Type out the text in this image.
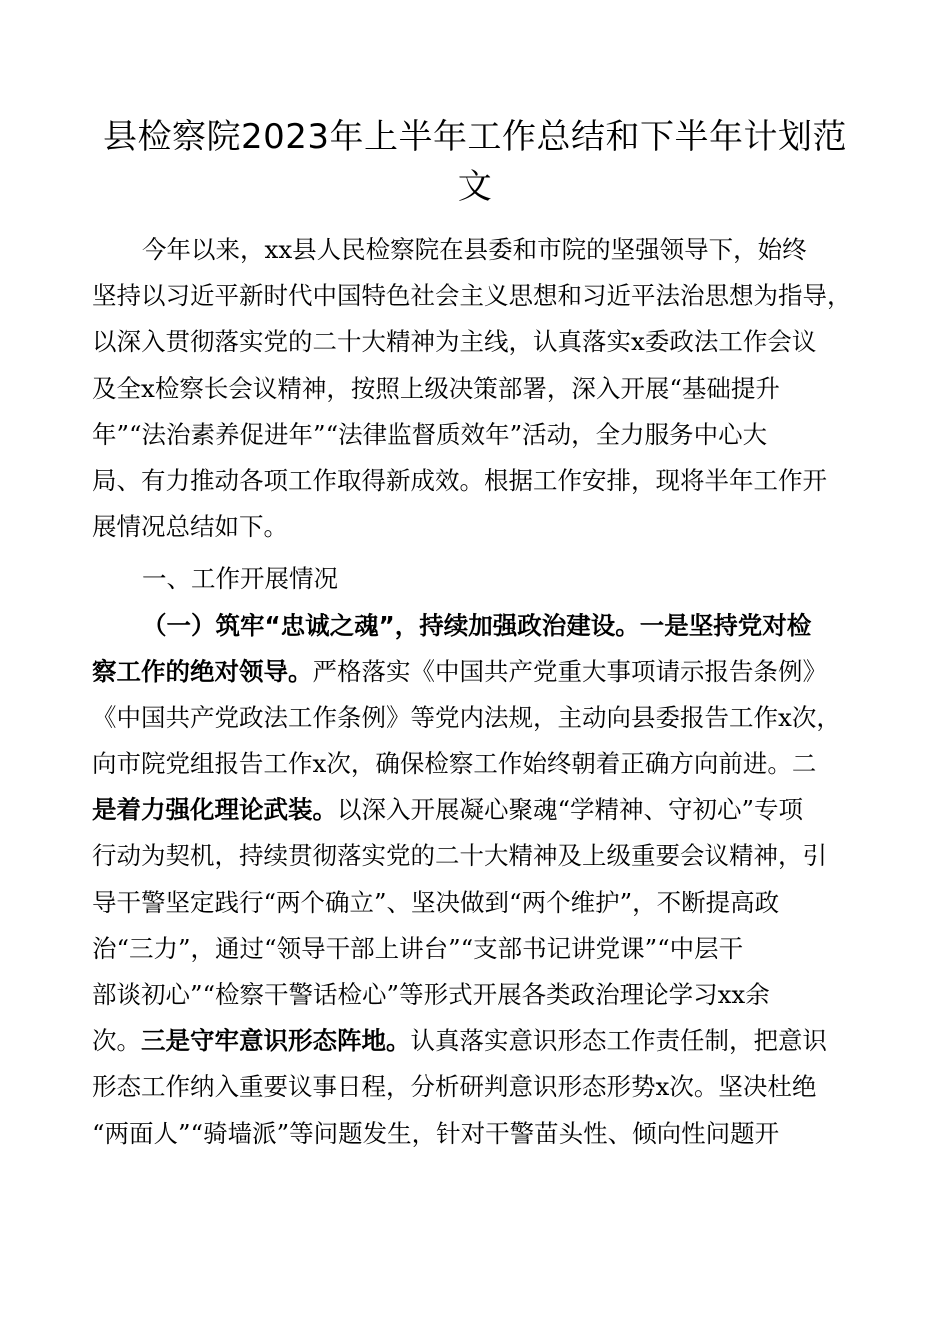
县检察院2023年上半年工作总结和下半年计划范
文
今年以来，xx县人民检察院在县委和市院的坚强领导下，始终
坚持以习近平新时代中国特色社会主义思想和习近平法治思想为指导，
以深入贯彻落实党的二十大精神为主线，认真落实x委政法工作会议
及全x检察长会议精神，按照上级决策部署，深入开展“基础提升
年”“法治素养促进年”“法律监督质效年”活动，全力服务中心大
局、有力推动各项工作取得新成效。根据工作安排，现将半年工作开
展情况总结如下。
一、工作开展情况
（一）筑牢“忠诚之魂”，持续加强政治建设。一是坚持党对检
察工作的绝对领导。严格落实《中国共产党重大事项请示报告条例》
《中国共产党政法工作条例》等党内法规，主动向县委报告工作x次，
向市院党组报告工作x次，确保检察工作始终朝着正确方向前进。二
是着力强化理论武装。以深入开展凝心聚魂“学精神、守初心”专项
行动为契机，持续贯彻落实党的二十大精神及上级重要会议精神，引
导干警坚定践行“两个确立”、坚决做到“两个维护”，不断提高政
治“三力”，通过“领导干部上讲台”“支部书记讲党课”“中层干
部谈初心”“检察干警话检心”等形式开展各类政治理论学习xx余
次。三是守牢意识形态阵地。认真落实意识形态工作责任制，把意识
形态工作纳入重要议事日程，分析研判意识形态形势x次。坚决杜绝
“两面人”“骑墙派”等问题发生，针对干警苗头性、倾向性问题开
